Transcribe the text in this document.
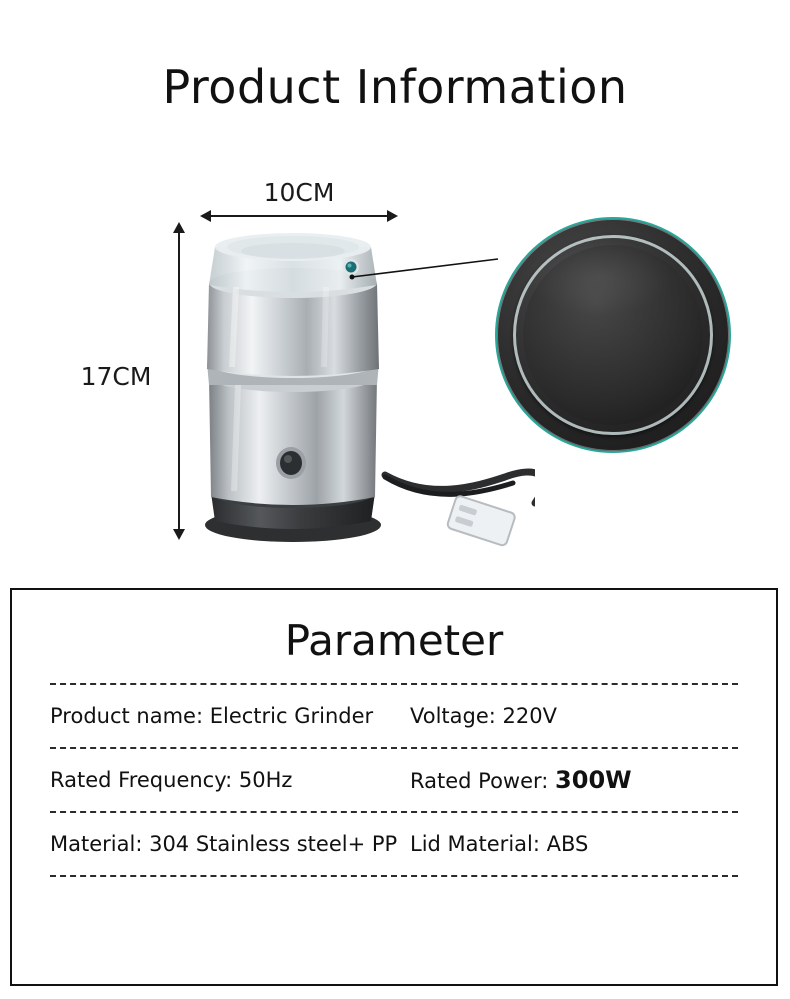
Product Information
10CM
17CM
Parameter
Product name: Electric Grinder	Voltage: 220V
Rated Frequency: 50Hz	Rated Power: 300W
Material: 304 Stainless steel+ PP Lid Material: ABS
